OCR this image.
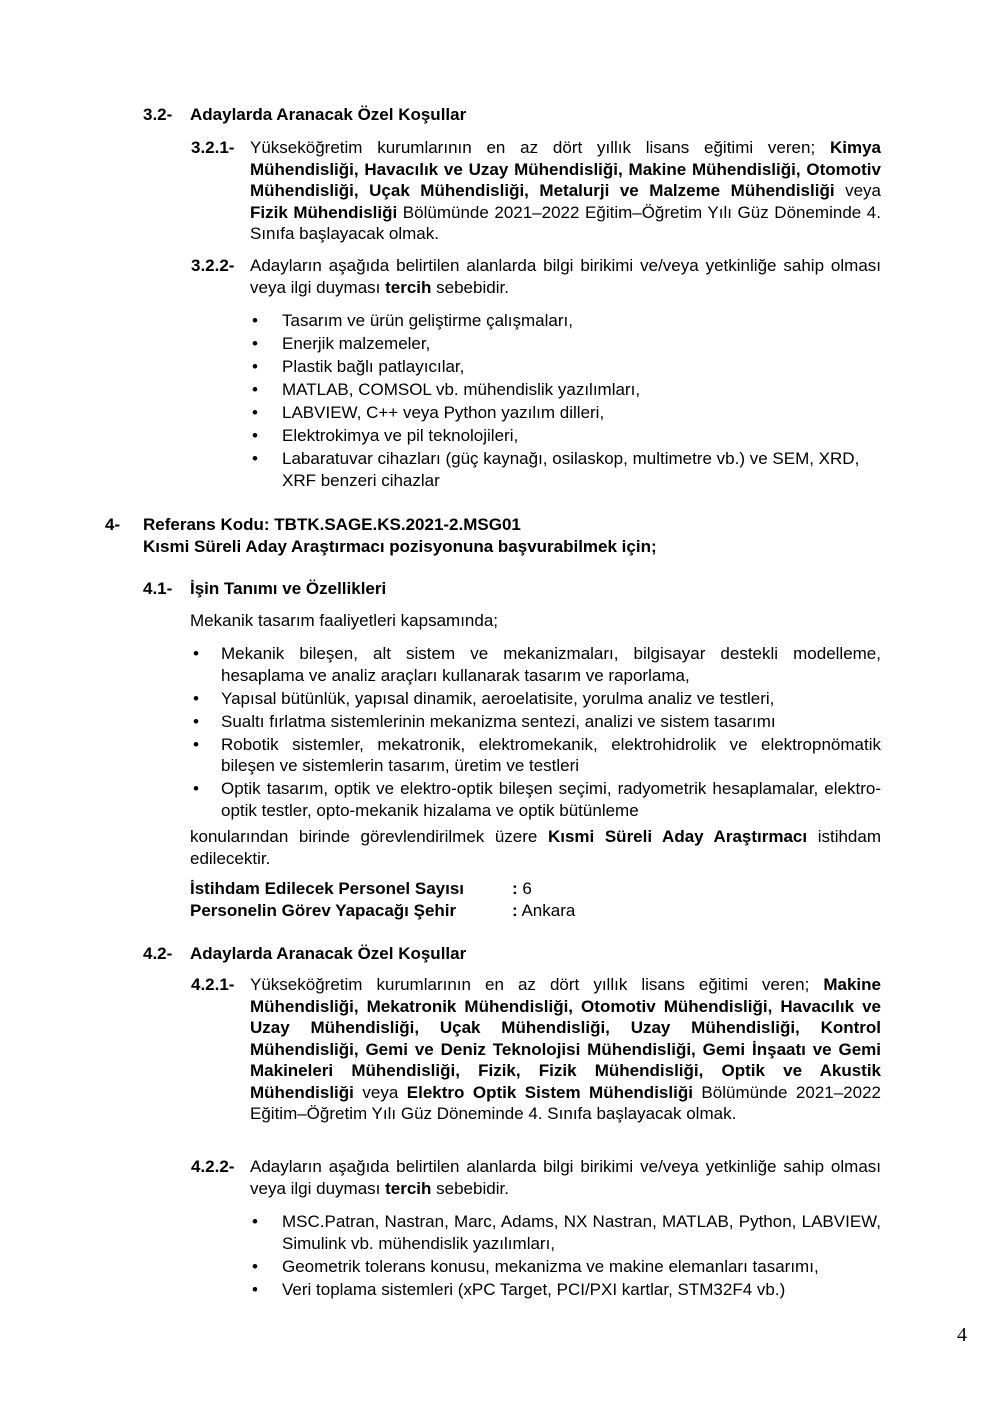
3.2- Adaylarda Aranacak Özel Koşullar
3.2.1- Yükseköğretim kurumlarının en az dört yıllık lisans eğitimi veren; Kimya Mühendisliği, Havacılık ve Uzay Mühendisliği, Makine Mühendisliği, Otomotiv Mühendisliği, Uçak Mühendisliği, Metalurji ve Malzeme Mühendisliği veya Fizik Mühendisliği Bölümünde 2021–2022 Eğitim–Öğretim Yılı Güz Döneminde 4. Sınıfa başlayacak olmak.
3.2.2- Adayların aşağıda belirtilen alanlarda bilgi birikimi ve/veya yetkinliğe sahip olması veya ilgi duyması tercih sebebidir.
• Tasarım ve ürün geliştirme çalışmaları,
• Enerjik malzemeler,
• Plastik bağlı patlayıcılar,
• MATLAB, COMSOL vb. mühendislik yazılımları,
• LABVIEW, C++ veya Python yazılım dilleri,
• Elektrokimya ve pil teknolojileri,
• Labaratuvar cihazları (güç kaynağı, osilaskop, multimetre vb.) ve SEM, XRD, XRF benzeri cihazlar
4- Referans Kodu: TBTK.SAGE.KS.2021-2.MSG01
Kısmi Süreli Aday Araştırmacı pozisyonuna başvurabilmek için;
4.1- İşin Tanımı ve Özellikleri
Mekanik tasarım faaliyetleri kapsamında;
• Mekanik bileşen, alt sistem ve mekanizmaları, bilgisayar destekli modelleme, hesaplama ve analiz araçları kullanarak tasarım ve raporlama,
• Yapısal bütünlük, yapısal dinamik, aeroelatisite, yorulma analiz ve testleri,
• Sualtı fırlatma sistemlerinin mekanizma sentezi, analizi ve sistem tasarımı
• Robotik sistemler, mekatronik, elektromekanik, elektrohidrolik ve elektropnömatik bileşen ve sistemlerin tasarım, üretim ve testleri
• Optik tasarım, optik ve elektro-optik bileşen seçimi, radyometrik hesaplamalar, elektro-optik testler, opto-mekanik hizalama ve optik bütünleme
konularından birinde görevlendirilmek üzere Kısmi Süreli Aday Araştırmacı istihdam edilecektir.
İstihdam Edilecek Personel Sayısı	: 6
Personelin Görev Yapacağı Şehir	: Ankara
4.2- Adaylarda Aranacak Özel Koşullar
4.2.1- Yükseköğretim kurumlarının en az dört yıllık lisans eğitimi veren; Makine Mühendisliği, Mekatronik Mühendisliği, Otomotiv Mühendisliği, Havacılık ve Uzay Mühendisliği, Uçak Mühendisliği, Uzay Mühendisliği, Kontrol Mühendisliği, Gemi ve Deniz Teknolojisi Mühendisliği, Gemi İnşaatı ve Gemi Makineleri Mühendisliği, Fizik, Fizik Mühendisliği, Optik ve Akustik Mühendisliği veya Elektro Optik Sistem Mühendisliği Bölümünde 2021–2022 Eğitim–Öğretim Yılı Güz Döneminde 4. Sınıfa başlayacak olmak.
4.2.2- Adayların aşağıda belirtilen alanlarda bilgi birikimi ve/veya yetkinliğe sahip olması veya ilgi duyması tercih sebebidir.
• MSC.Patran, Nastran, Marc, Adams, NX Nastran, MATLAB, Python, LABVIEW, Simulink vb. mühendislik yazılımları,
• Geometrik tolerans konusu, mekanizma ve makine elemanları tasarımı,
• Veri toplama sistemleri (xPC Target, PCI/PXI kartlar, STM32F4 vb.)
4
